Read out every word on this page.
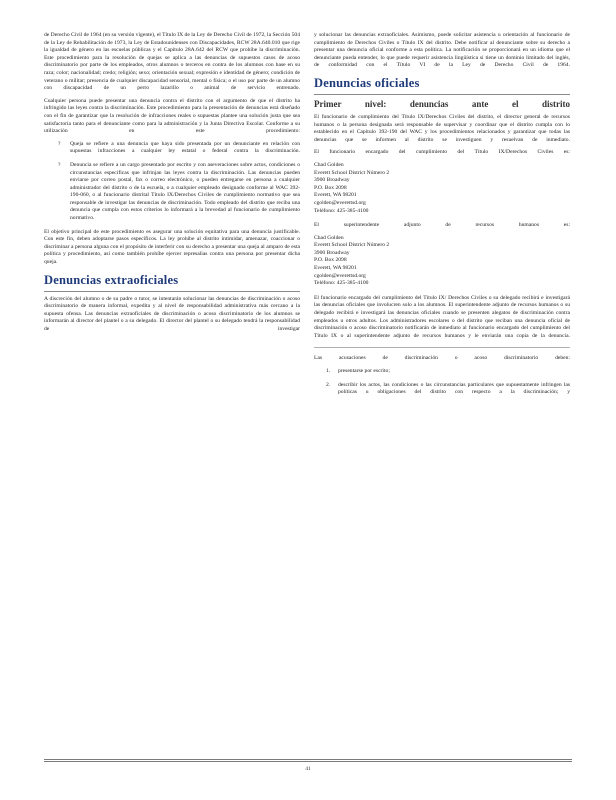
de Derecho Civil de 1964 (en su versión vigente), el Título IX de la Ley de Derecho Civil de 1972, la Sección 504 de la Ley de Rehabilitación de 1973, la Ley de Estadounidenses con Discapacidades, RCW 28A.640.010 que rige la igualdad de género en las escuelas públicas y el Capítulo 28A.642 del RCW que prohíbe la discriminación. Este procedimiento para la resolución de quejas se aplica a las denuncias de supuestos casos de acoso discriminatorio por parte de los empleados, otros alumnos o terceros en contra de los alumnos con base en su raza; color; nacionalidad; credo; religión; sexo; orientación sexual; expresión e identidad de género; condición de veterano o militar; presencia de cualquier discapacidad sensorial, mental o física; o el uso por parte de un alumno con discapacidad de un perro lazarillo o animal de servicio entrenado.

Cualquier persona puede presentar una denuncia contra el distrito con el argumento de que el distrito ha infringido las leyes contra la discriminación. Este procedimiento para la presentación de denuncias está diseñado con el fin de garantizar que la resolución de infracciones reales o supuestas plantee una solución justa que sea satisfactoria tanto para el denunciante como para la administración y la Junta Directiva Escolar. Conforme a su utilización en este procedimiento:

? Queja se refiere a una denuncia que haya sido presentada por un denunciante en relación con supuestas infracciones a cualquier ley estatal o federal contra la discriminación.

? Denuncia se refiere a un cargo presentado por escrito y con aseveraciones sobre actos, condiciones o circunstancias específicas que infrinjan las leyes contra la discriminación. Las denuncias pueden enviarse por correo postal, fax o correo electrónico, o pueden entregarse en persona a cualquier administrador del distrito o de la escuela, o a cualquier empleado designado conforme al WAC 392-190-060, o al funcionario distrital Título IX/Derechos Civiles de cumplimiento normativo que sea responsable de investigar las denuncias de discriminación. Todo empleado del distrito que reciba una denuncia que cumpla con estos criterios lo informará a la brevedad al funcionario de cumplimiento normativo.

El objetivo principal de este procedimiento es asegurar una solución equitativa para una denuncia justificable. Con este fin, deben adoptarse pasos específicos. La ley prohíbe al distrito intimidar, amenazar, coaccionar o discriminar a persona alguna con el propósito de interferir con su derecho a presentar una queja al amparo de esta política y procedimiento, así como también prohíbe ejercer represalias contra una persona por presentar dicha queja.

Denuncias extraoficiales

A discreción del alumno o de su padre o tutor, se intentarán solucionar las denuncias de discriminación o acoso discriminatorio de manera informal, expedita y al nivel de responsabilidad administrativa más cercano a la supuesta ofensa. Las denuncias extraoficiales de discriminación o acoso discriminatorio de los alumnos se informarán al director del plantel o a su delegado. El director del plantel o su delegado tendrá la responsabilidad de investigar

y solucionar las denuncias extraoficiales. Asimismo, puede solicitar asistencia u orientación al funcionario de cumplimiento de Derechos Civiles o Título IX del distrito. Debe notificar al denunciante sobre su derecho a presentar una denuncia oficial conforme a esta política. La notificación se proporcionará en un idioma que el denunciante pueda entender, lo que puede requerir asistencia lingüística si tiene un dominio limitado del inglés, de conformidad con el Título VI de la Ley de Derecho Civil de 1964.

Denuncias oficiales
Primer nivel: denuncias ante el distrito

El funcionario de cumplimiento del Título IX/Derechos Civiles del distrito, el director general de recursos humanos o la persona designada será responsable de supervisar y coordinar que el distrito cumpla con lo establecido en el Capítulo 392-190 del WAC y los procedimientos relacionados y garantizar que todas las denuncias que se informen al distrito se investiguen y resuelvan de inmediato.

El funcionario encargado del cumplimiento del Título IX/Derechos Civiles es:

Chad Golden
Everett School District Número 2
3900 Broadway
P.O. Box 2098
Everett, WA 98201
cgolden@everettsd.org
Teléfono: 425-385-4100

El superintendente adjunto de recursos humanos es:

Chad Golden
Everett School District Número 2
3900 Broadway
P.O. Box 2098
Everett, WA 98201
cgolden@everettsd.org
Teléfono: 425-385-4100

El funcionario encargado del cumplimiento del Título IX/ Derechos Civiles o su delegado recibirá e investigará las denuncias oficiales que involucren solo a los alumnos. El superintendente adjunto de recursos humanos o su delegado recibirá e investigará las denuncias oficiales cuando se presenten alegatos de discriminación contra empleados u otros adultos. Los administradores escolares o del distrito que reciban una denuncia oficial de discriminación o acoso discriminatorio notificarán de inmediato al funcionario encargado del cumplimiento del Título IX o al superintendente adjunto de recursos humanos y le enviarán una copia de la denuncia.

Las acusaciones de discriminación o acoso discriminatorio deben:

1. presentarse por escrito;

2. describir los actos, las condiciones o las circunstancias particulares que supuestamente infringen las políticas u obligaciones del distrito con respecto a la discriminación; y

41
